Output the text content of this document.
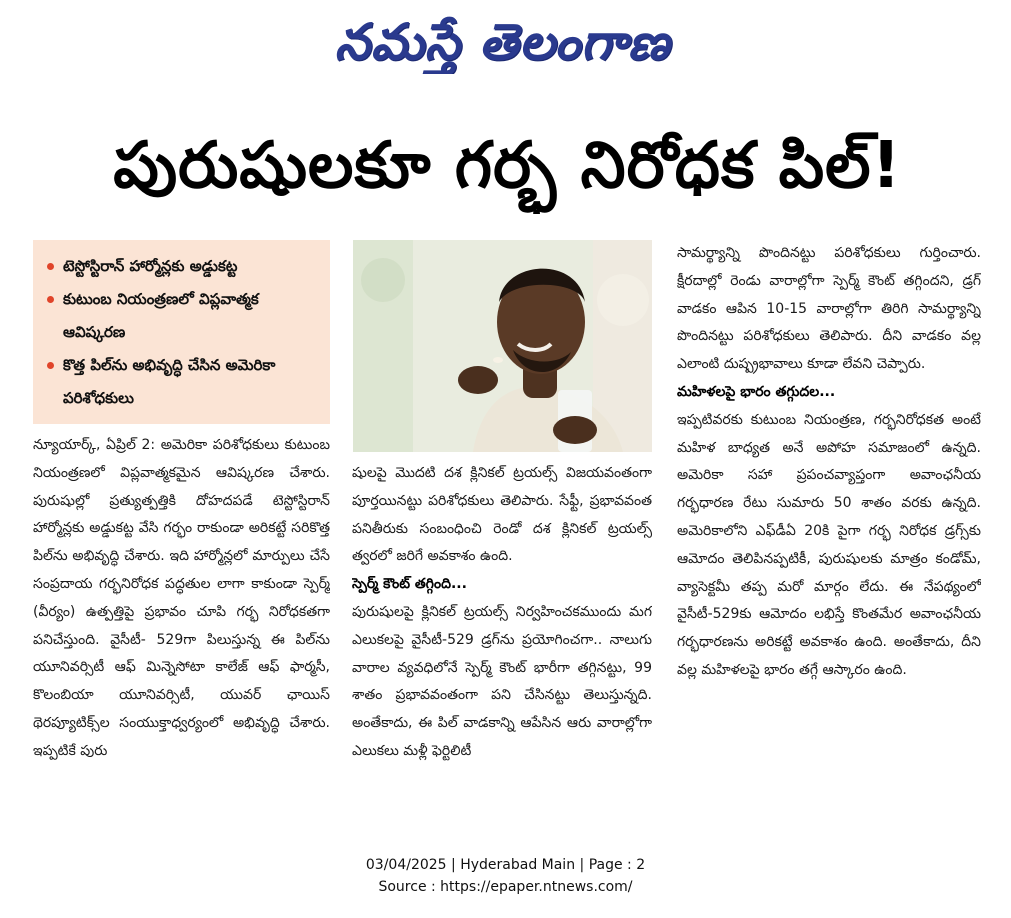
నమస్తే తెలంగాణ
పురుషులకూ గర్భ నిరోధక పిల్‌!
టెస్టోస్టిరాన్‌ హార్మోన్లకు అడ్డుకట్ట
కుటుంబ నియంత్రణలో విప్లవాత్మక ఆవిష్కరణ
కొత్త పిల్‌ను అభివృద్ధి చేసిన అమెరికా పరిశోధకులు

న్యూయార్క్‌, ఏప్రిల్‌ 2: అమెరికా పరిశోధకులు కుటుంబ నియంత్రణలో విప్లవాత్మకమైన ఆవిష్కరణ చేశారు. పురుషుల్లో ప్రత్యుత్పత్తికి దోహదపడే టెస్టోస్టిరాన్‌ హార్మోన్లకు అడ్డుకట్ట వేసి గర్భం రాకుండా అరికట్టే సరికొత్త పిల్‌ను అభివృద్ధి చేశారు. ఇది హార్మోన్లలో మార్పులు చేసే సంప్రదాయ గర్భనిరోధక పద్ధతుల లాగా కాకుండా స్పెర్మ్‌ (వీర్యం) ఉత్పత్తిపై ప్రభావం చూపి గర్భ నిరోధకతగా పనిచేస్తుంది. వైసీటీ- 529గా పిలుస్తున్న ఈ పిల్‌ను యూనివర్సిటీ ఆఫ్‌ మిన్నెసోటా కాలేజ్‌ ఆఫ్‌ ఫార్మసీ, కొలంబియా యూనివర్సిటీ, యువర్‌ ఛాయిస్‌ థెరప్యూటిక్స్‌ల సంయుక్తాధ్వర్యంలో అభివృద్ధి చేశారు. ఇప్పటికే పురు

షులపై మొదటి దశ క్లినికల్‌ ట్రయల్స్‌ విజయవంతంగా పూర్తయినట్టు పరిశోధకులు తెలిపారు. సేఫ్టీ, ప్రభావవంత పనితీరుకు సంబంధించి రెండో దశ క్లినికల్‌ ట్రయల్స్‌ త్వరలో జరిగే అవకాశం ఉంది.

స్పెర్మ్‌ కౌంట్‌ తగ్గింది...

పురుషులపై క్లినికల్‌ ట్రయల్స్‌ నిర్వహించకముందు మగ ఎలుకలపై వైసీటీ-529 డ్రగ్‌ను ప్రయోగించగా.. నాలుగు వారాల వ్యవధిలోనే స్పెర్మ్‌ కౌంట్‌ భారీగా తగ్గినట్టు, 99 శాతం ప్రభావవంతంగా పని చేసినట్టు తెలుస్తున్నది. అంతేకాదు, ఈ పిల్‌ వాడకాన్ని ఆపేసిన ఆరు వారాల్లోగా ఎలుకలు మళ్లీ ఫెర్టిలిటీ

సామర్థ్యాన్ని పొందినట్టు పరిశోధకులు గుర్తించారు. క్షీరదాల్లో రెండు వారాల్లోగా స్పెర్మ్‌ కౌంట్‌ తగ్గిందని, డ్రగ్‌ వాడకం ఆపిన 10-15 వారాల్లోగా తిరిగి సామర్థ్యాన్ని పొందినట్టు పరిశోధకులు తెలిపారు. దీని వాడకం వల్ల ఎలాంటి దుష్ప్రభావాలు కూడా లేవని చెప్పారు.

మహిళలపై భారం తగ్గుదల...

ఇప్పటివరకు కుటుంబ నియంత్రణ, గర్భనిరోధకత అంటే మహిళ బాధ్యత అనే అపోహ సమాజంలో ఉన్నది. అమెరికా సహా ప్రపంచవ్యాప్తంగా అవాంఛనీయ గర్భధారణ రేటు సుమారు 50 శాతం వరకు ఉన్నది. అమెరికాలోని ఎఫ్‌డీఏ 20కి పైగా గర్భ నిరోధక డ్రగ్స్‌కు ఆమోదం తెలిపినప్పటికీ, పురుషులకు మాత్రం కండోమ్‌, వ్యాసెక్టమీ తప్ప మరో మార్గం లేదు. ఈ నేపథ్యంలో వైసీటీ-529కు ఆమోదం లభిస్తే కొంతమేర అవాంఛనీయ గర్భధారణను అరికట్టే అవకాశం ఉంది. అంతేకాదు, దీని వల్ల మహిళలపై భారం తగ్గే ఆస్కారం ఉంది.

03/04/2025 | Hyderabad Main | Page : 2
Source : https://epaper.ntnews.com/
